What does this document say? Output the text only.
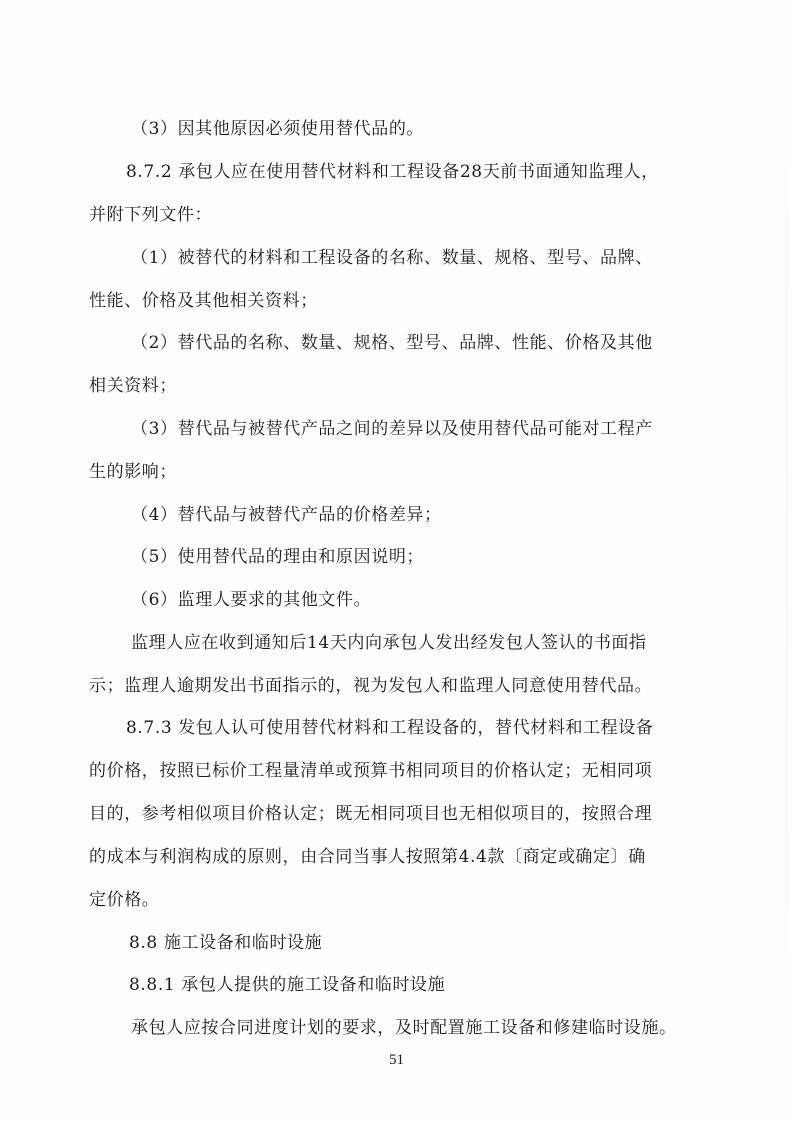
（3）因其他原因必须使用替代品的。
8.7.2 承包人应在使用替代材料和工程设备28天前书面通知监理人，
并附下列文件：
（1）被替代的材料和工程设备的名称、数量、规格、型号、品牌、
性能、价格及其他相关资料；
（2）替代品的名称、数量、规格、型号、品牌、性能、价格及其他
相关资料；
（3）替代品与被替代产品之间的差异以及使用替代品可能对工程产
生的影响；
（4）替代品与被替代产品的价格差异；
（5）使用替代品的理由和原因说明；
（6）监理人要求的其他文件。
监理人应在收到通知后14天内向承包人发出经发包人签认的书面指
示；监理人逾期发出书面指示的，视为发包人和监理人同意使用替代品。
8.7.3 发包人认可使用替代材料和工程设备的，替代材料和工程设备
的价格，按照已标价工程量清单或预算书相同项目的价格认定；无相同项
目的，参考相似项目价格认定；既无相同项目也无相似项目的，按照合理
的成本与利润构成的原则，由合同当事人按照第4.4款〔商定或确定〕确
定价格。
8.8 施工设备和临时设施
8.8.1 承包人提供的施工设备和临时设施
承包人应按合同进度计划的要求，及时配置施工设备和修建临时设施。
51
